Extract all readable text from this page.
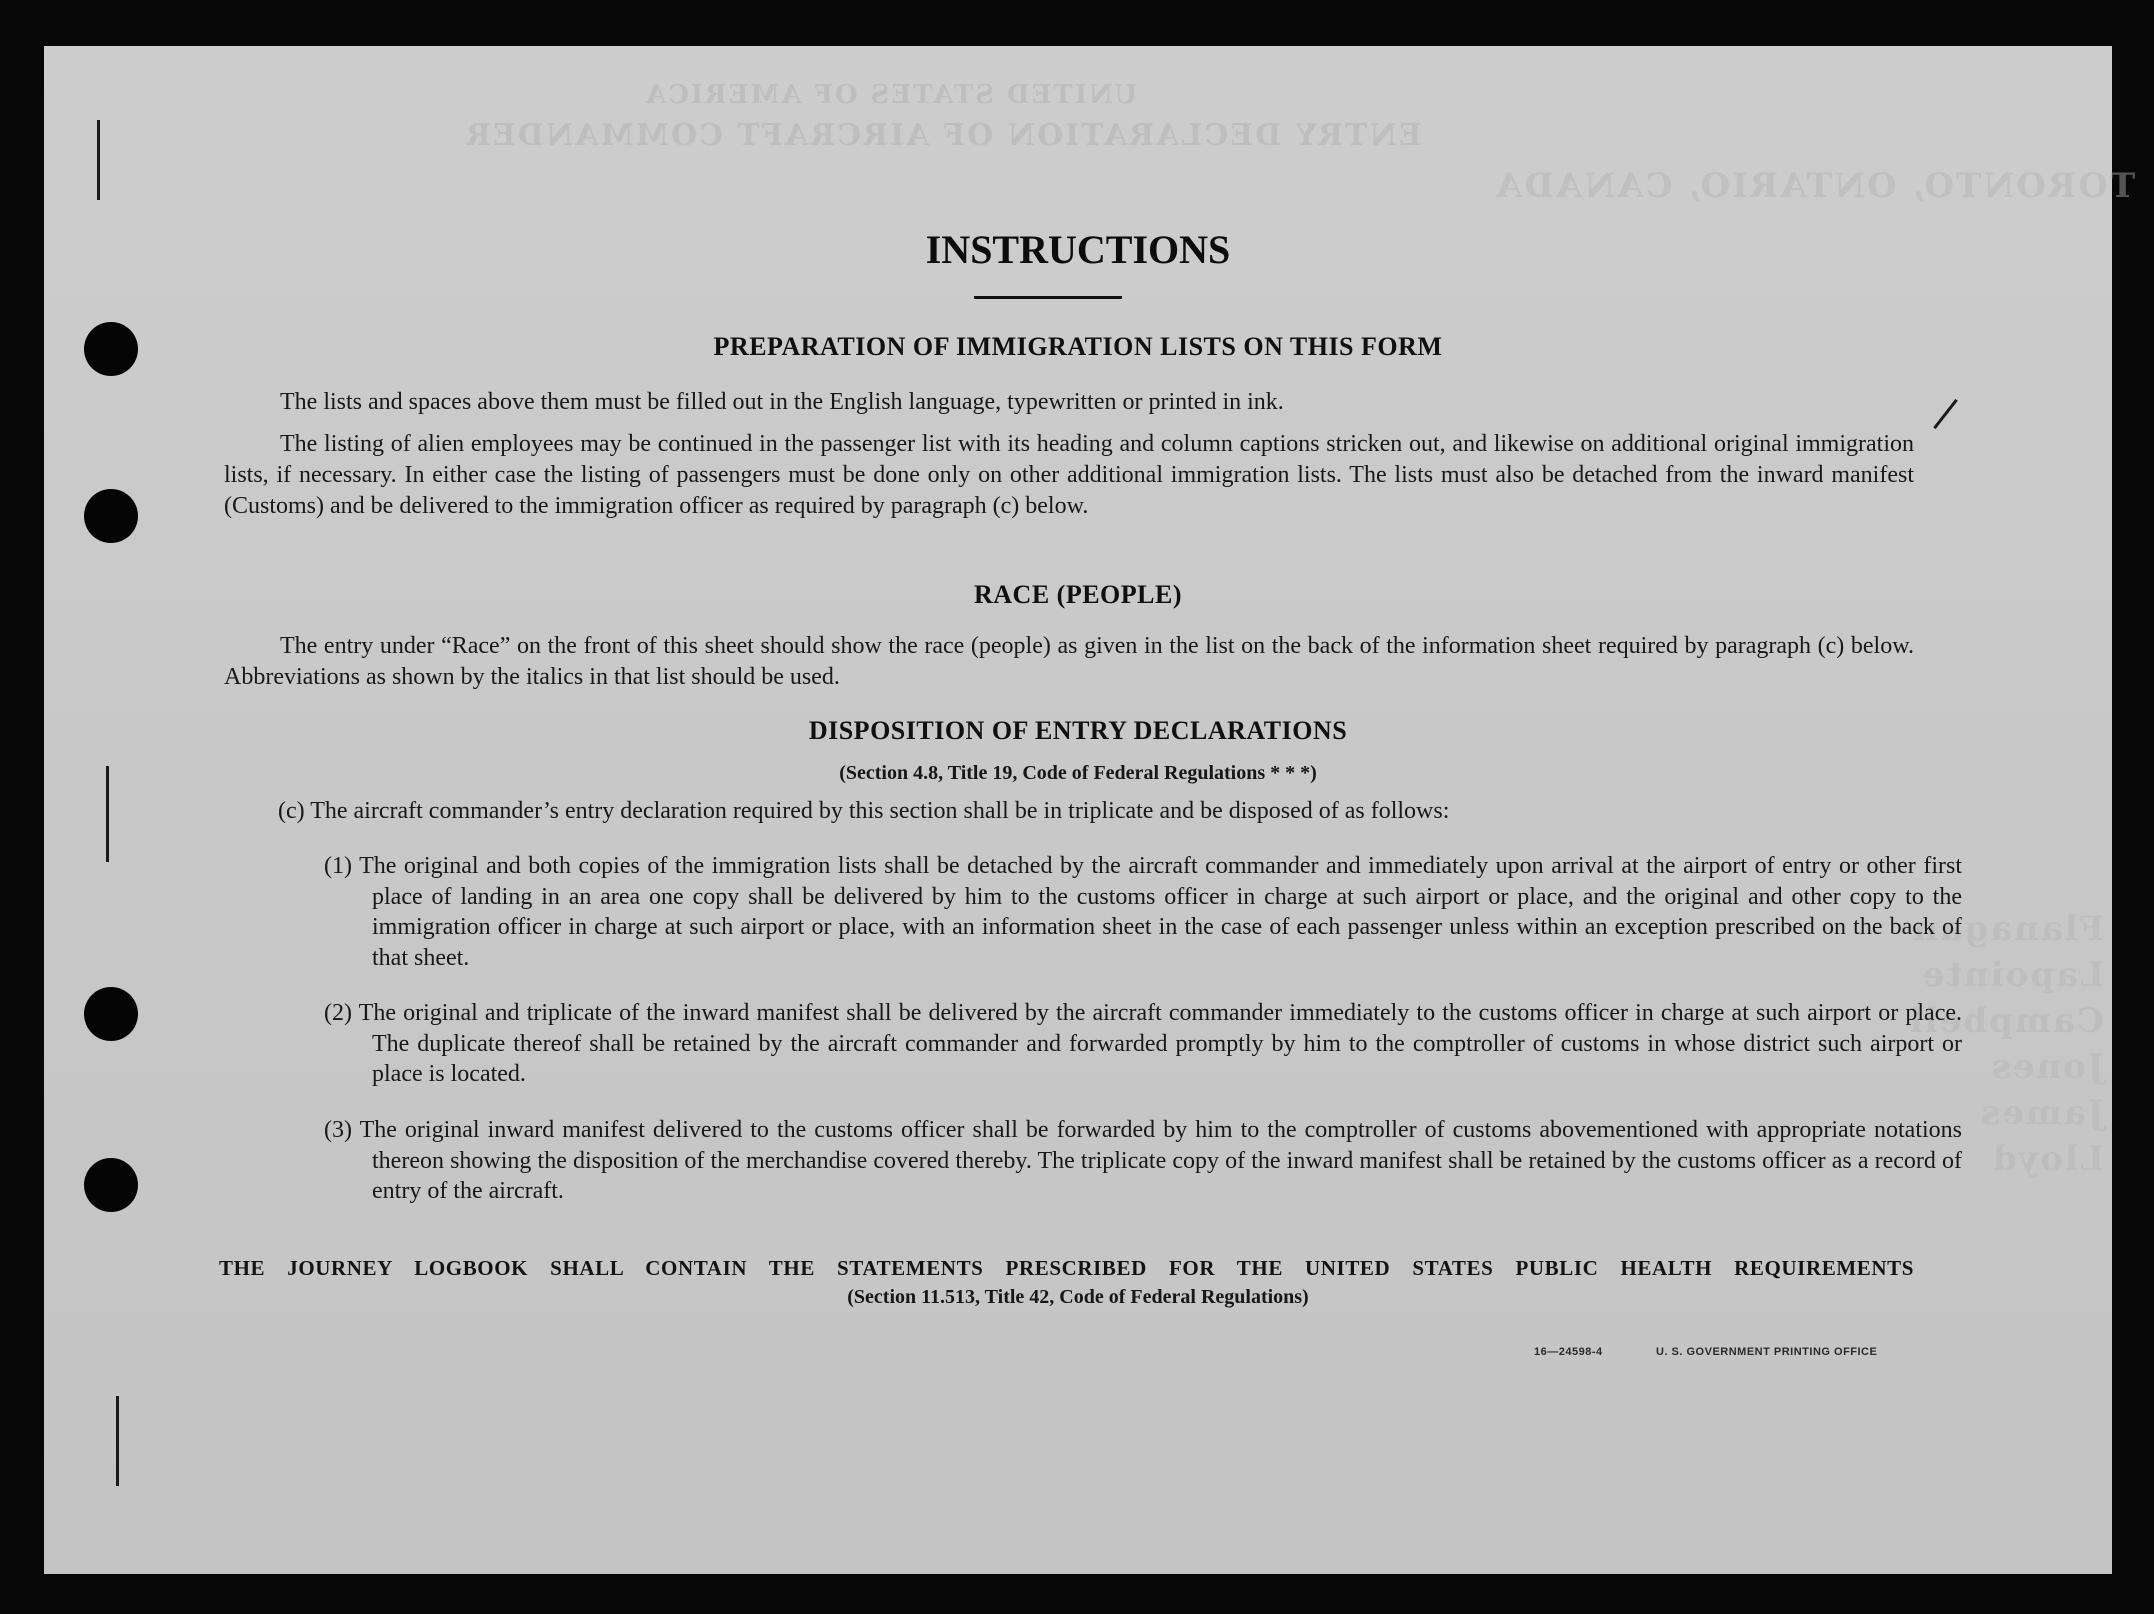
UNITED STATES OF AMERICA
ENTRY DECLARATION OF AIRCRAFT COMMANDER
TORONTO, ONTARIO, CANADA
Flanagan
Lapointe
Campbell
Jones
James
Lloyd
INSTRUCTIONS
PREPARATION OF IMMIGRATION LISTS ON THIS FORM
The lists and spaces above them must be filled out in the English language, typewritten or printed in ink.
The listing of alien employees may be continued in the passenger list with its heading and column captions stricken out, and likewise on additional original immigration lists, if necessary. In either case the listing of passengers must be done only on other additional immigration lists. The lists must also be detached from the inward manifest (Customs) and be delivered to the immigration officer as required by paragraph (c) below.
RACE (PEOPLE)
The entry under “Race” on the front of this sheet should show the race (people) as given in the list on the back of the information sheet required by paragraph (c) below. Abbreviations as shown by the italics in that list should be used.
DISPOSITION OF ENTRY DECLARATIONS
(Section 4.8, Title 19, Code of Federal Regulations * * *)
(c) The aircraft commander’s entry declaration required by this section shall be in triplicate and be disposed of as follows:
(1) The original and both copies of the immigration lists shall be detached by the aircraft commander and immediately upon arrival at the airport of entry or other first place of landing in an area one copy shall be delivered by him to the customs officer in charge at such airport or place, and the original and other copy to the immigration officer in charge at such airport or place, with an information sheet in the case of each passenger unless within an exception prescribed on the back of that sheet.
(2) The original and triplicate of the inward manifest shall be delivered by the aircraft commander immediately to the customs officer in charge at such airport or place. The duplicate thereof shall be retained by the aircraft commander and forwarded promptly by him to the comptroller of customs in whose district such airport or place is located.
(3) The original inward manifest delivered to the customs officer shall be forwarded by him to the comptroller of customs abovementioned with appropriate notations thereon showing the disposition of the merchandise covered thereby. The triplicate copy of the inward manifest shall be retained by the customs officer as a record of entry of the aircraft.
THE JOURNEY LOGBOOK SHALL CONTAIN THE STATEMENTS PRESCRIBED FOR THE UNITED STATES PUBLIC HEALTH REQUIREMENTS
(Section 11.513, Title 42, Code of Federal Regulations)
16—24598-4	U. S. GOVERNMENT PRINTING OFFICE
